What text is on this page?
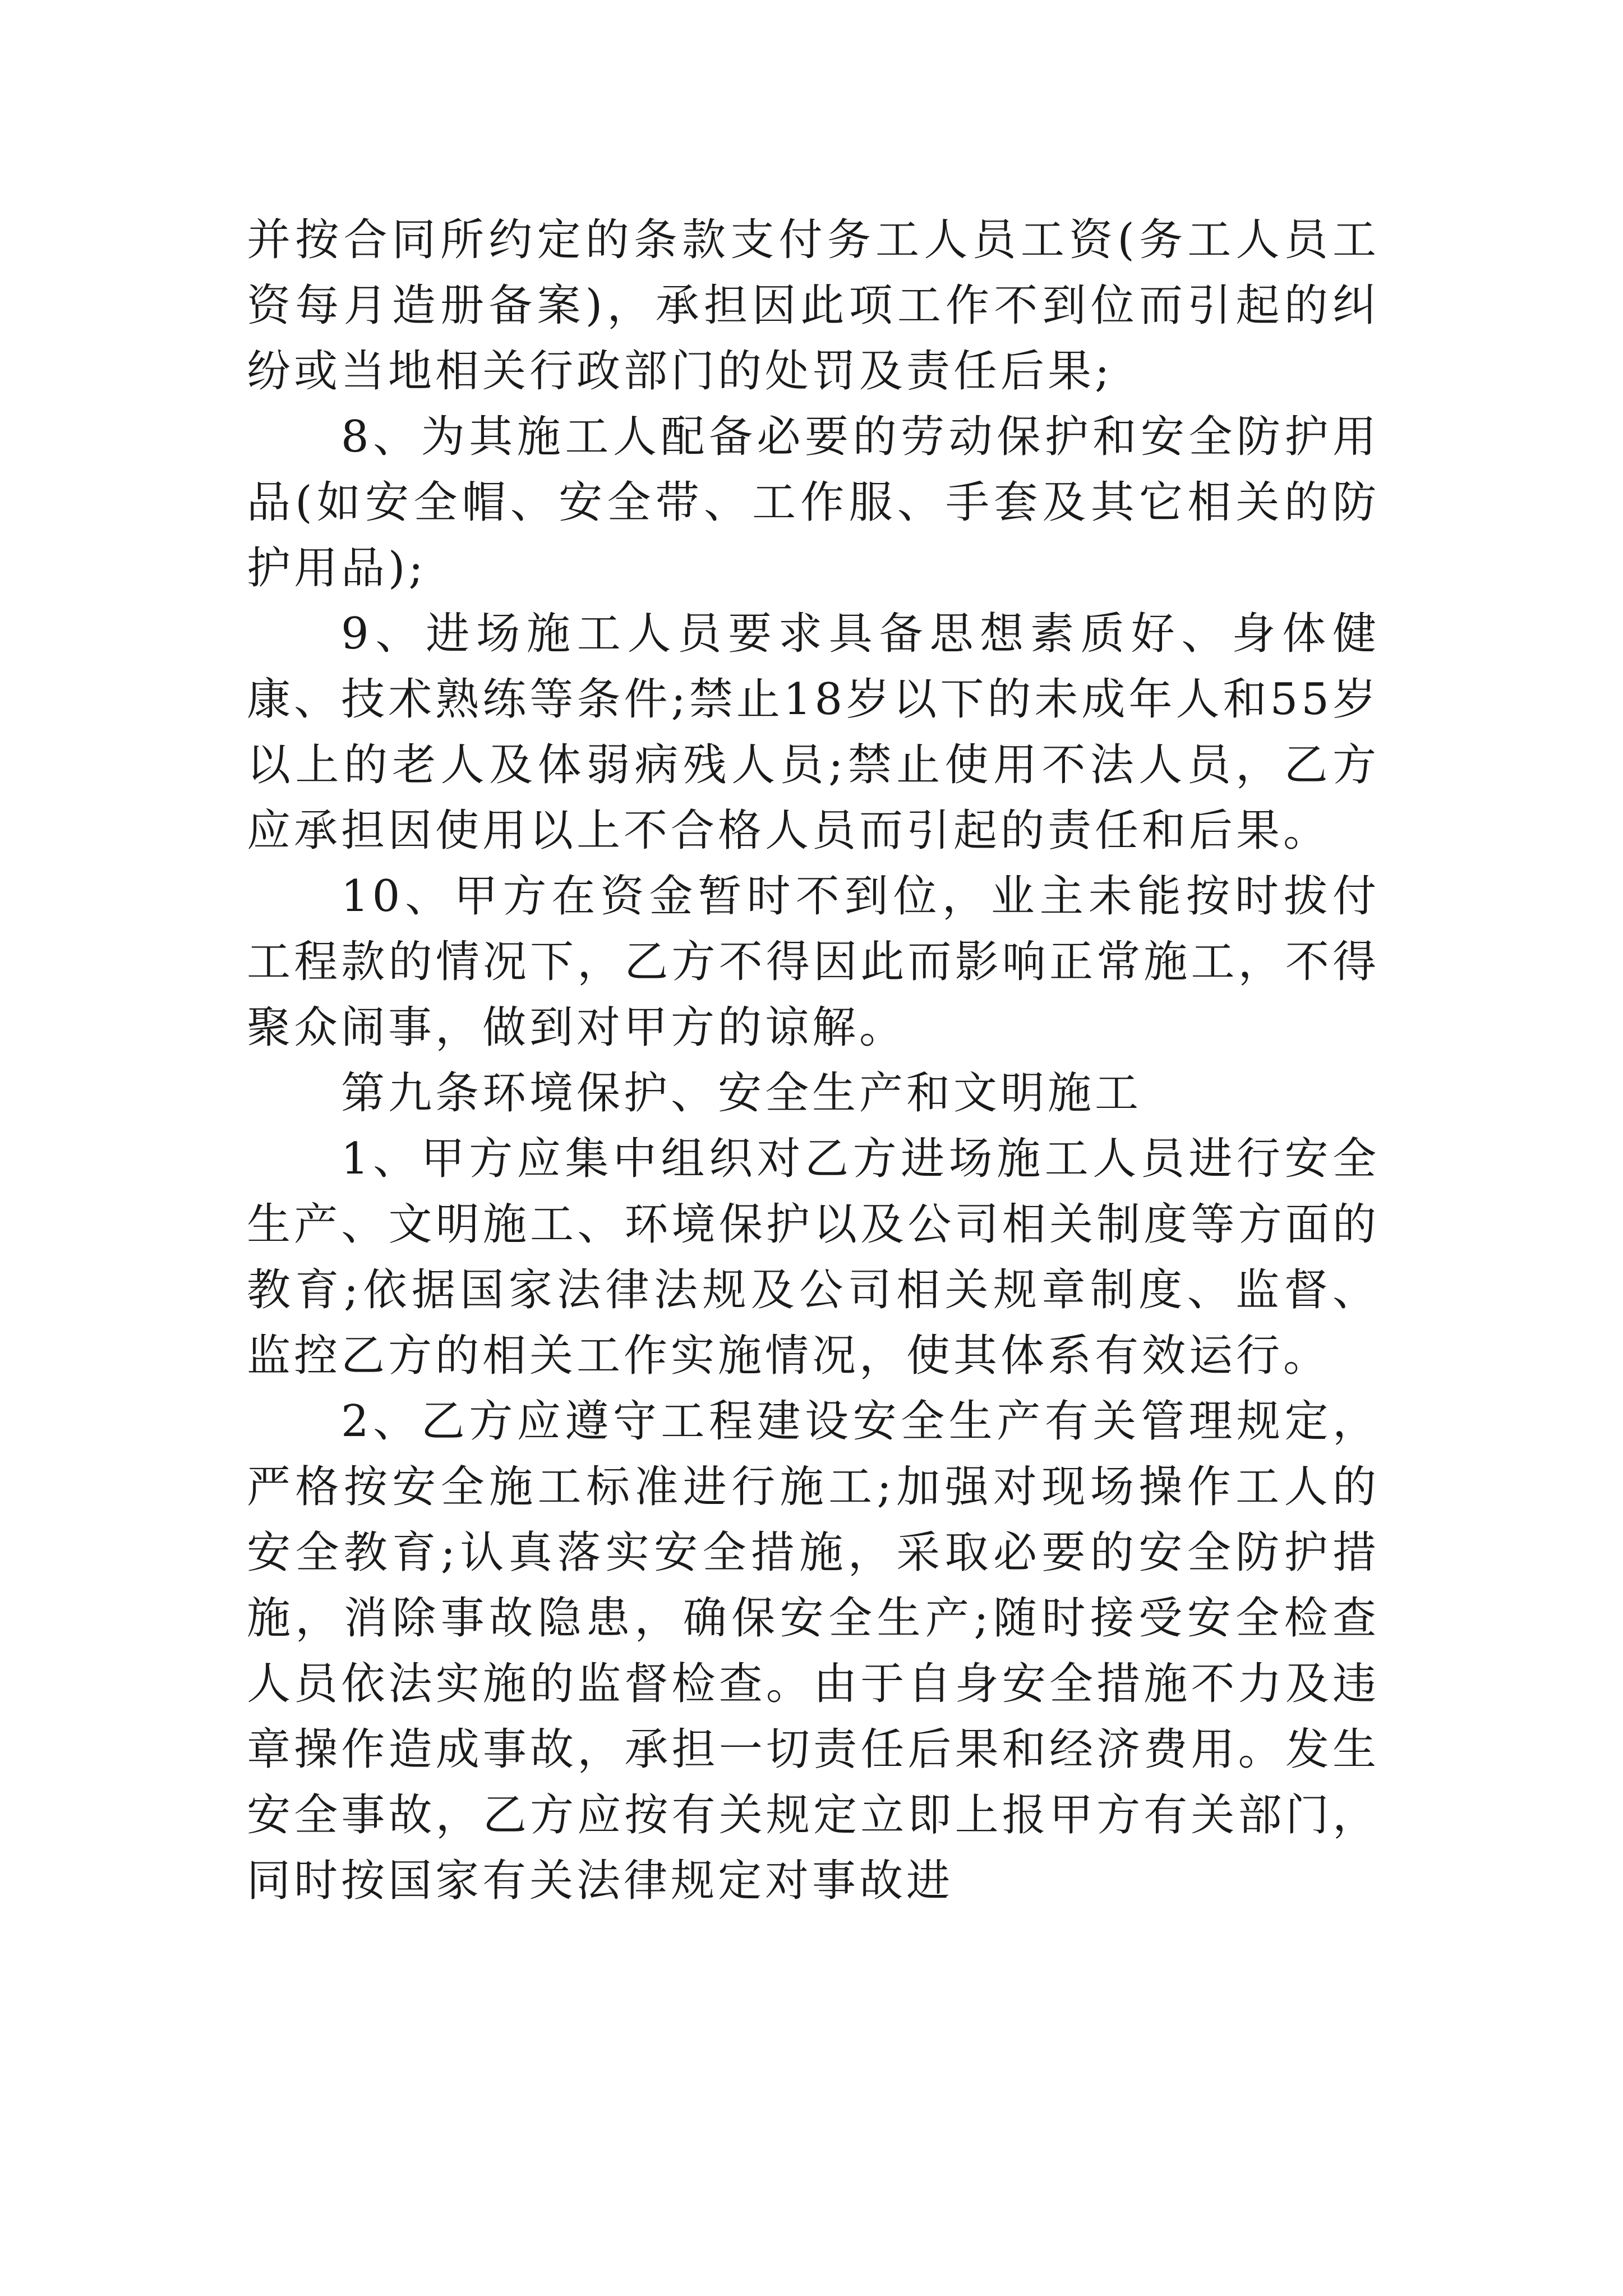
并按合同所约定的条款支付务工人员工资(务工人员工资每月造册备案)，承担因此项工作不到位而引起的纠纷或当地相关行政部门的处罚及责任后果;

8、为其施工人配备必要的劳动保护和安全防护用品(如安全帽、安全带、工作服、手套及其它相关的防护用品);

9、进场施工人员要求具备思想素质好、身体健康、技术熟练等条件;禁止18岁以下的未成年人和55岁以上的老人及体弱病残人员;禁止使用不法人员，乙方应承担因使用以上不合格人员而引起的责任和后果。

10、甲方在资金暂时不到位，业主未能按时拔付工程款的情况下，乙方不得因此而影响正常施工，不得聚众闹事，做到对甲方的谅解。

第九条环境保护、安全生产和文明施工

1、甲方应集中组织对乙方进场施工人员进行安全生产、文明施工、环境保护以及公司相关制度等方面的教育;依据国家法律法规及公司相关规章制度、监督、监控乙方的相关工作实施情况，使其体系有效运行。

2、乙方应遵守工程建设安全生产有关管理规定，严格按安全施工标准进行施工;加强对现场操作工人的安全教育;认真落实安全措施，采取必要的安全防护措施，消除事故隐患，确保安全生产;随时接受安全检查人员依法实施的监督检查。由于自身安全措施不力及违章操作造成事故，承担一切责任后果和经济费用。发生安全事故，乙方应按有关规定立即上报甲方有关部门，同时按国家有关法律规定对事故进
